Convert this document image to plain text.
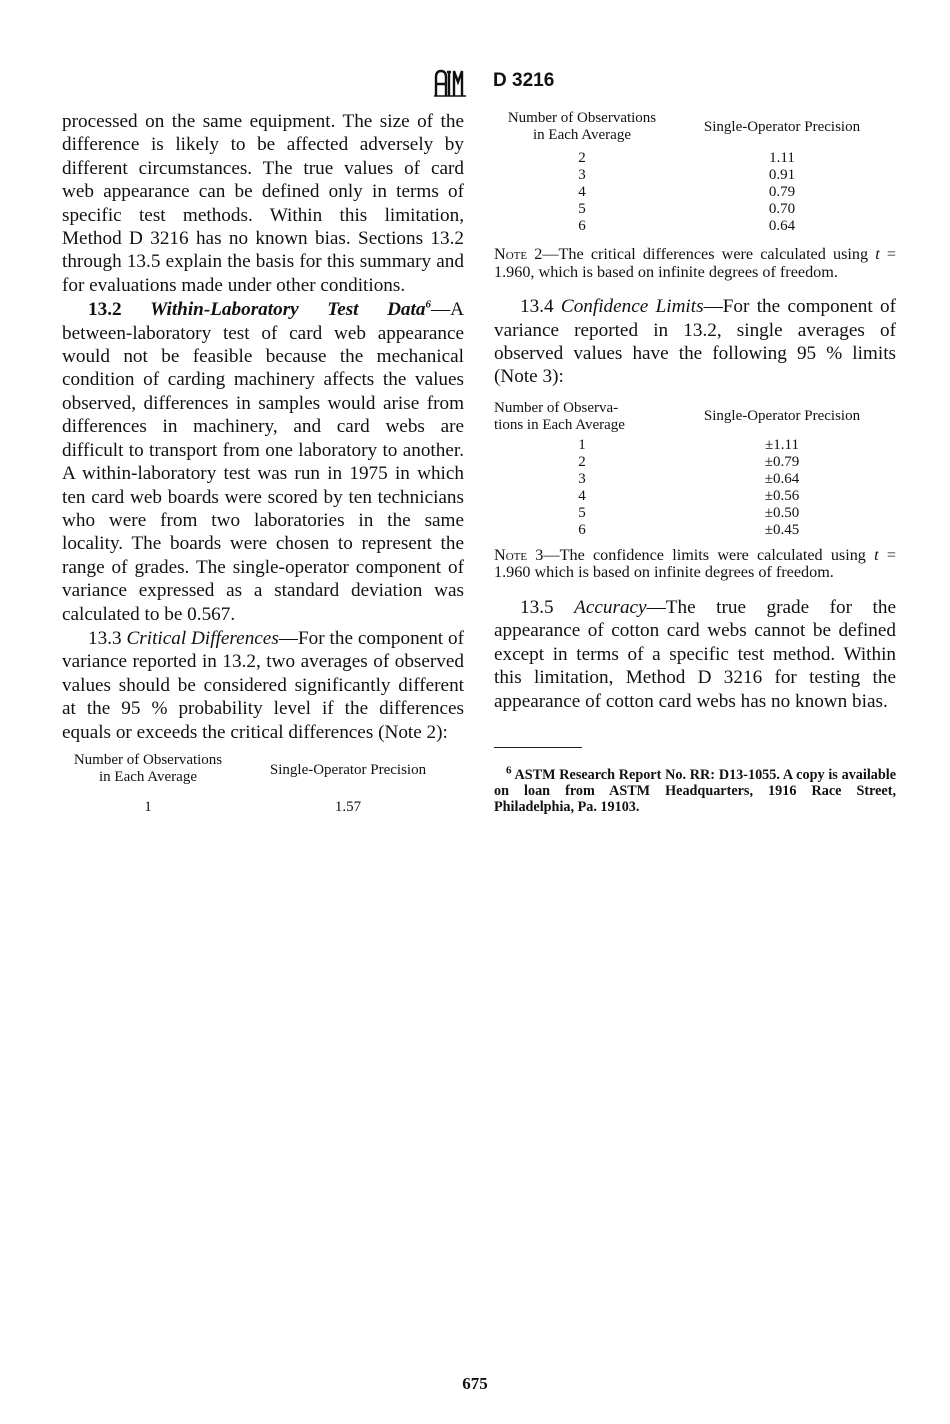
D 3216

processed on the same equipment. The size of the difference is likely to be affected adversely by different circumstances. The true values of card web appearance can be defined only in terms of specific test methods. Within this limitation, Method D 3216 has no known bias. Sections 13.2 through 13.5 explain the basis for this summary and for evaluations made under other conditions.

13.2 Within-Laboratory Test Data$^6$—A between-laboratory test of card web appearance would not be feasible because the mechanical condition of carding machinery affects the values observed, differences in samples would arise from differences in machinery, and card webs are difficult to transport from one laboratory to another. A within-laboratory test was run in 1975 in which ten card web boards were scored by ten technicians who were from two laboratories in the same locality. The boards were chosen to represent the range of grades. The single-operator component of variance expressed as a standard deviation was calculated to be 0.567.

13.3 Critical Differences—For the component of variance reported in 13.2, two averages of observed values should be considered significantly different at the 95 % probability level if the differences equals or exceeds the critical differences (Note 2):

Number of Observations
in Each Average	Single-Operator Precision
1	1.57
Number of Observations
in Each Average	Single-Operator Precision
2	1.11
3	0.91
4	0.79
5	0.70
6	0.64

Note 2—The critical differences were calculated using t = 1.960, which is based on infinite degrees of freedom.

13.4 Confidence Limits—For the component of variance reported in 13.2, single averages of observed values have the following 95 % limits (Note 3):

Number of Observa-
tions in Each Average	Single-Operator Precision
1	±1.11
2	±0.79
3	±0.64
4	±0.56
5	±0.50
6	±0.45

Note 3—The confidence limits were calculated using t = 1.960 which is based on infinite degrees of freedom.

13.5 Accuracy—The true grade for the appearance of cotton card webs cannot be defined except in terms of a specific test method. Within this limitation, Method D 3216 for testing the appearance of cotton card webs has no known bias.

$^6$ ASTM Research Report No. RR: D13-1055. A copy is available on loan from ASTM Headquarters, 1916 Race Street, Philadelphia, Pa. 19103.

675
